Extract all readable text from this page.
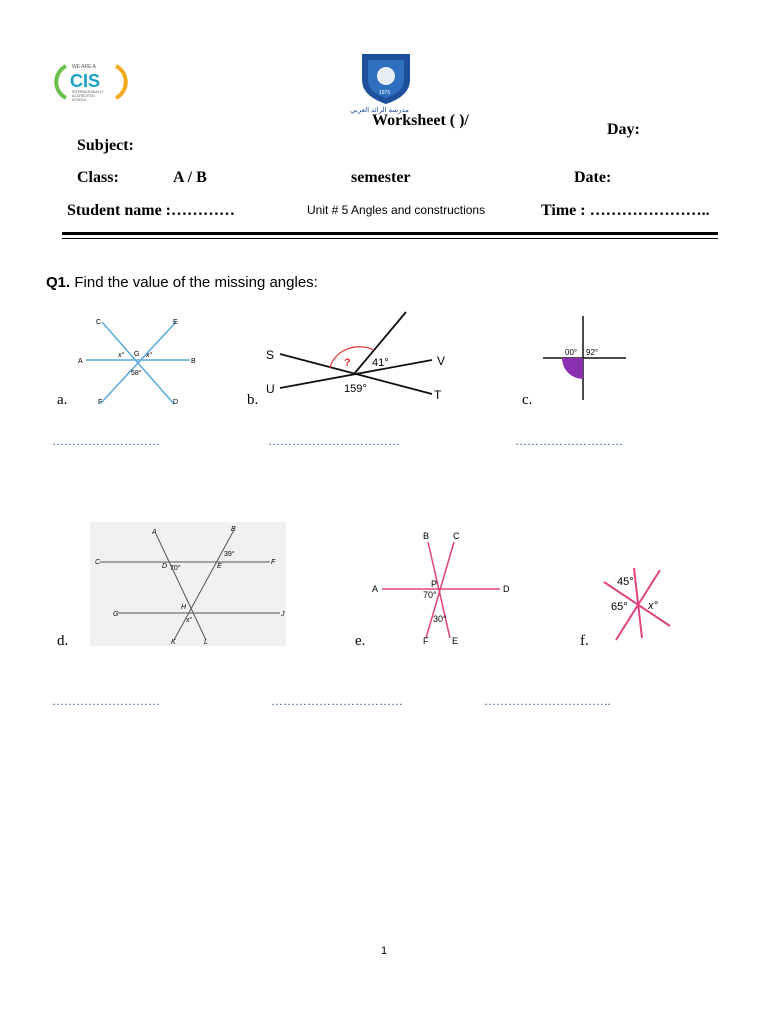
WE ARE A
CIS
INTERNATIONALLY
ACCREDITED
SCHOOL
1975
مدرسة الرائد العربي
Worksheet ( )/
Day:
Subject:
Class:	A / B	semester	Date:
Student name :…………	Unit # 5 Angles and constructions	Time : …………………..
Q1. Find the value of the missing angles:
C	E
A	B
F	D
G
x°	x°
58°
a.
S	V
U	T
? 41°
159°
b.
00° 92°
c.
………………………	……………………………	………………………
A	B
C	F
D	E
G
H
J
K	L
70°
39°
x°
d.
B	C
A	D
P
F	E
70°
30°
e.
45°
65° x°
f.
………………………	……………………………	…………………………..
1
